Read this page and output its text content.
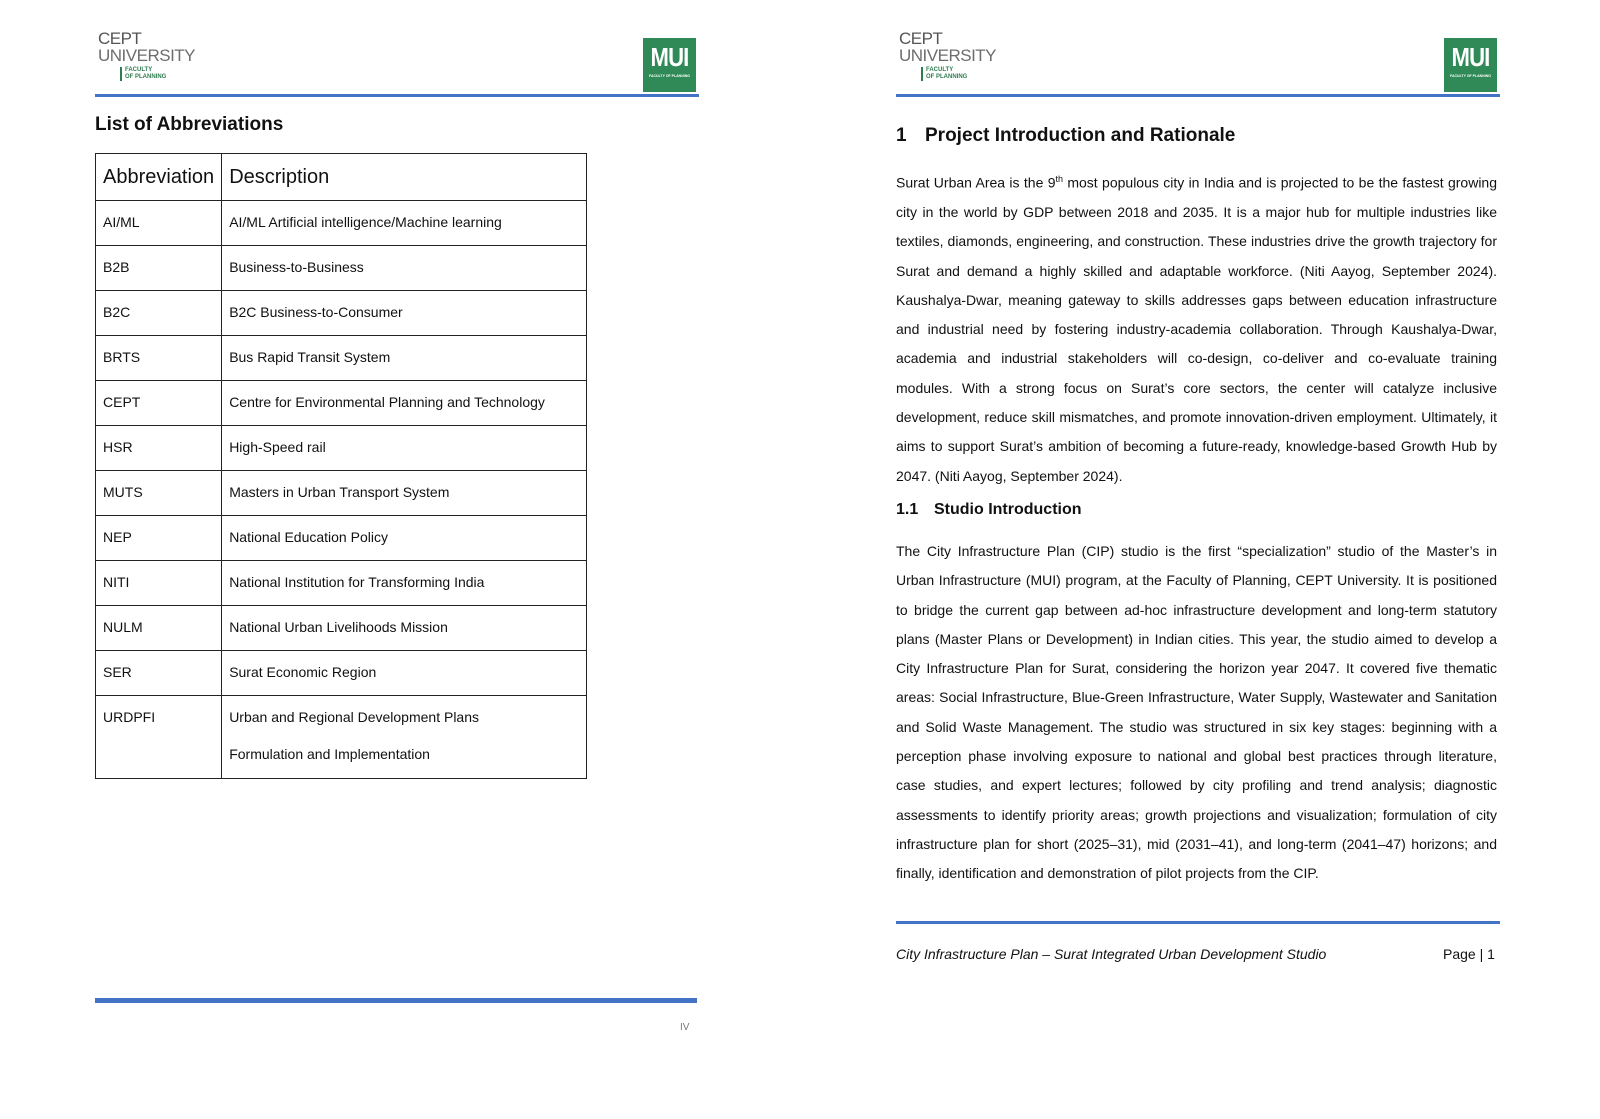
CEPT
UNIVERSITY
FACULTY
OF PLANNING
MUI
FACULTY OF PLANNING
List of Abbreviations
Abbreviation	Description
AI/ML	AI/ML Artificial intelligence/Machine learning
B2B	Business-to-Business
B2C	B2C Business-to-Consumer
BRTS	Bus Rapid Transit System
CEPT	Centre for Environmental Planning and Technology
HSR	High-Speed rail
MUTS	Masters in Urban Transport System
NEP	National Education Policy
NITI	National Institution for Transforming India
NULM	National Urban Livelihoods Mission
SER	Surat Economic Region
URDPFI	Urban and Regional Development Plans
Formulation and Implementation
IV
CEPT
UNIVERSITY
FACULTY
OF PLANNING
MUI
FACULTY OF PLANNING
1 Project Introduction and Rationale

Surat Urban Area is the 9th most populous city in India and is projected to be the fastest growing city in the world by GDP between 2018 and 2035. It is a major hub for multiple industries like textiles, diamonds, engineering, and construction. These industries drive the growth trajectory for Surat and demand a highly skilled and adaptable workforce. (Niti Aayog, September 2024). Kaushalya-Dwar, meaning gateway to skills addresses gaps between education infrastructure and industrial need by fostering industry-academia collaboration. Through Kaushalya-Dwar, academia and industrial stakeholders will co-design, co-deliver and co-evaluate training modules. With a strong focus on Surat’s core sectors, the center will catalyze inclusive development, reduce skill mismatches, and promote innovation-driven employment. Ultimately, it aims to support Surat’s ambition of becoming a future-ready, knowledge-based Growth Hub by 2047. (Niti Aayog, September 2024).

1.1 Studio Introduction

The City Infrastructure Plan (CIP) studio is the first “specialization” studio of the Master’s in Urban Infrastructure (MUI) program, at the Faculty of Planning, CEPT University. It is positioned to bridge the current gap between ad-hoc infrastructure development and long-term statutory plans (Master Plans or Development) in Indian cities. This year, the studio aimed to develop a City Infrastructure Plan for Surat, considering the horizon year 2047. It covered five thematic areas: Social Infrastructure, Blue-Green Infrastructure, Water Supply, Wastewater and Sanitation and Solid Waste Management. The studio was structured in six key stages: beginning with a perception phase involving exposure to national and global best practices through literature, case studies, and expert lectures; followed by city profiling and trend analysis; diagnostic assessments to identify priority areas; growth projections and visualization; formulation of city infrastructure plan for short (2025–31), mid (2031–41), and long-term (2041–47) horizons; and finally, identification and demonstration of pilot projects from the CIP.

City Infrastructure Plan – Surat Integrated Urban Development Studio	Page | 1
